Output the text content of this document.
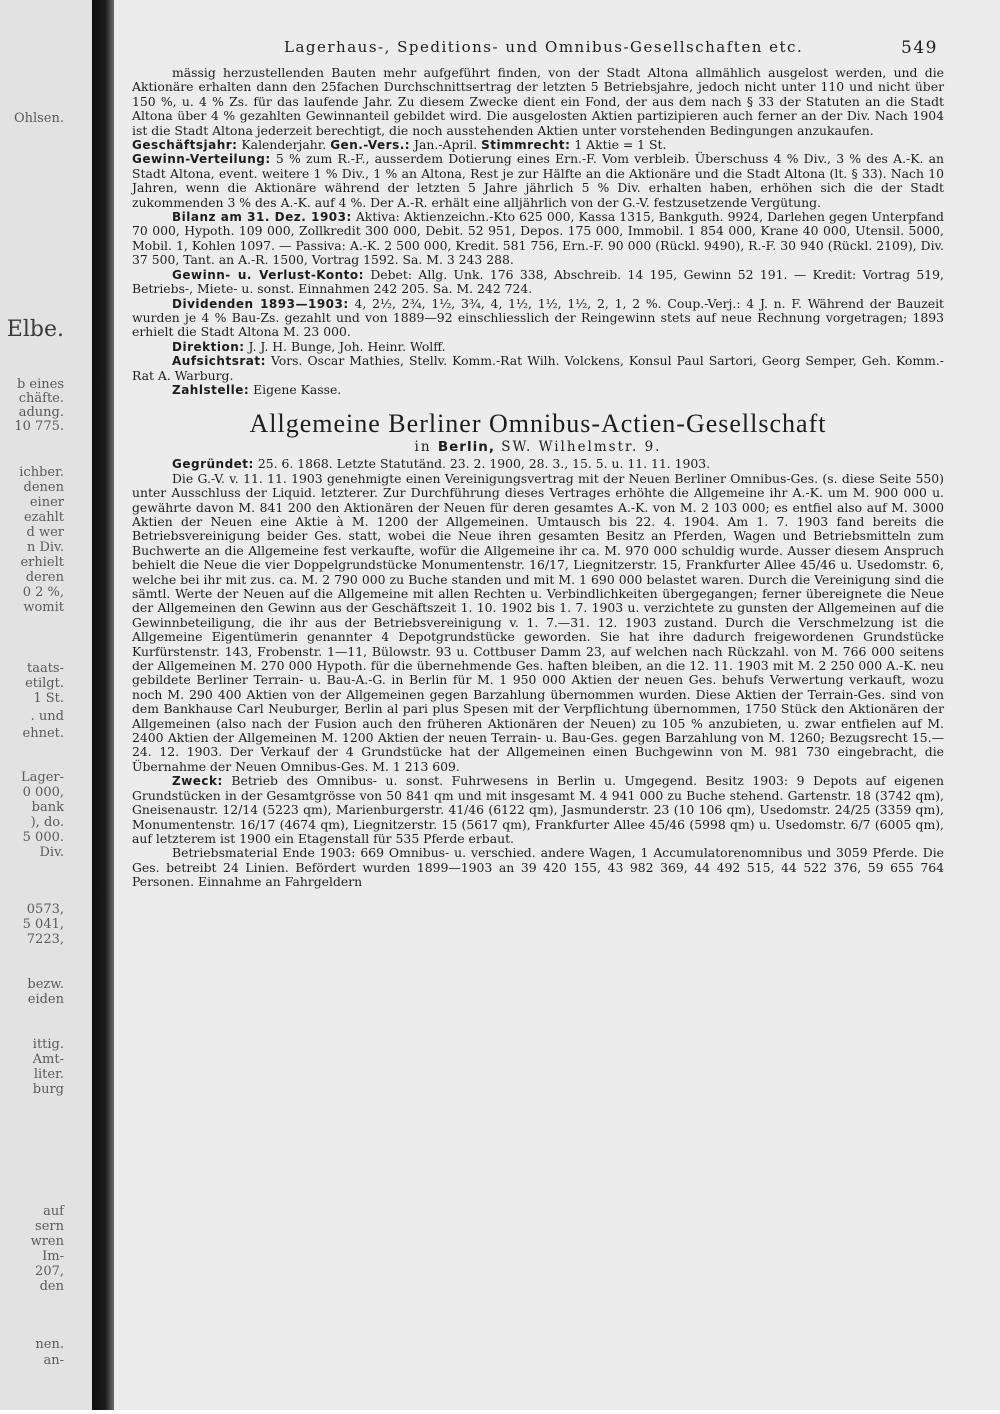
Ohlsen.
Elbe.
b eines
chäfte.
adung.
10 775.
ichber.
denen
einer
ezahlt
d wer
n Div.
erhielt
deren
0 2 %,
womit
taats-
etilgt.
1 St.
. und
ehnet.
Lager-
0 000,
bank
), do.
5 000.
Div.
0573,
5 041,
7223,
bezw.
eiden
ittig.
Amt-
liter.
burg
auf
sern
wren
Im-
207,
den
nen.
an-
Lagerhaus-, Speditions- und Omnibus-Gesellschaften etc.	549

mässig herzustellenden Bauten mehr aufgeführt finden, von der Stadt Altona allmählich ausgelost werden, und die Aktionäre erhalten dann den 25fachen Durchschnittsertrag der letzten 5 Betriebsjahre, jedoch nicht unter 110 und nicht über 150 %, u. 4 % Zs. für das laufende Jahr. Zu diesem Zwecke dient ein Fond, der aus dem nach § 33 der Statuten an die Stadt Altona über 4 % gezahlten Gewinnanteil gebildet wird. Die ausgelosten Aktien partizipieren auch ferner an der Div. Nach 1904 ist die Stadt Altona jederzeit berechtigt, die noch ausstehenden Aktien unter vorstehenden Bedingungen anzukaufen.

Geschäftsjahr: Kalenderjahr. Gen.-Vers.: Jan.-April. Stimmrecht: 1 Aktie = 1 St.

Gewinn-Verteilung: 5 % zum R.-F., ausserdem Dotierung eines Ern.-F. Vom verbleib. Überschuss 4 % Div., 3 % des A.-K. an Stadt Altona, event. weitere 1 % Div., 1 % an Altona, Rest je zur Hälfte an die Aktionäre und die Stadt Altona (lt. § 33). Nach 10 Jahren, wenn die Aktionäre während der letzten 5 Jahre jährlich 5 % Div. erhalten haben, erhöhen sich die der Stadt zukommenden 3 % des A.-K. auf 4 %. Der A.-R. erhält eine alljährlich von der G.-V. festzusetzende Vergütung.

Bilanz am 31. Dez. 1903: Aktiva: Aktienzeichn.-Kto 625 000, Kassa 1315, Bankguth. 9924, Darlehen gegen Unterpfand 70 000, Hypoth. 109 000, Zollkredit 300 000, Debit. 52 951, Depos. 175 000, Immobil. 1 854 000, Krane 40 000, Utensil. 5000, Mobil. 1, Kohlen 1097. — Passiva: A.-K. 2 500 000, Kredit. 581 756, Ern.-F. 90 000 (Rückl. 9490), R.-F. 30 940 (Rückl. 2109), Div. 37 500, Tant. an A.-R. 1500, Vortrag 1592. Sa. M. 3 243 288.

Gewinn- u. Verlust-Konto: Debet: Allg. Unk. 176 338, Abschreib. 14 195, Gewinn 52 191. — Kredit: Vortrag 519, Betriebs-, Miete- u. sonst. Einnahmen 242 205. Sa. M. 242 724.

Dividenden 1893—1903: 4, 2½, 2¾, 1½, 3¾, 4, 1½, 1½, 1½, 2, 1, 2 %. Coup.-Verj.: 4 J. n. F. Während der Bauzeit wurden je 4 % Bau-Zs. gezahlt und von 1889—92 einschliesslich der Reingewinn stets auf neue Rechnung vorgetragen; 1893 erhielt die Stadt Altona M. 23 000.

Direktion: J. J. H. Bunge, Joh. Heinr. Wolff.

Aufsichtsrat: Vors. Oscar Mathies, Stellv. Komm.-Rat Wilh. Volckens, Konsul Paul Sartori, Georg Semper, Geh. Komm.-Rat A. Warburg.

Zahlstelle: Eigene Kasse.

Allgemeine Berliner Omnibus-Actien-Gesellschaft
in Berlin, SW. Wilhelmstr. 9.

Gegründet: 25. 6. 1868. Letzte Statutänd. 23. 2. 1900, 28. 3., 15. 5. u. 11. 11. 1903.

Die G.-V. v. 11. 11. 1903 genehmigte einen Vereinigungsvertrag mit der Neuen Berliner Omnibus-Ges. (s. diese Seite 550) unter Ausschluss der Liquid. letzterer. Zur Durchführung dieses Vertrages erhöhte die Allgemeine ihr A.-K. um M. 900 000 u. gewährte davon M. 841 200 den Aktionären der Neuen für deren gesamtes A.-K. von M. 2 103 000; es entfiel also auf M. 3000 Aktien der Neuen eine Aktie à M. 1200 der Allgemeinen. Umtausch bis 22. 4. 1904. Am 1. 7. 1903 fand bereits die Betriebsvereinigung beider Ges. statt, wobei die Neue ihren gesamten Besitz an Pferden, Wagen und Betriebsmitteln zum Buchwerte an die Allgemeine fest verkaufte, wofür die Allgemeine ihr ca. M. 970 000 schuldig wurde. Ausser diesem Anspruch behielt die Neue die vier Doppelgrundstücke Monumentenstr. 16/17, Liegnitzerstr. 15, Frankfurter Allee 45/46 u. Usedomstr. 6, welche bei ihr mit zus. ca. M. 2 790 000 zu Buche standen und mit M. 1 690 000 belastet waren. Durch die Vereinigung sind die sämtl. Werte der Neuen auf die Allgemeine mit allen Rechten u. Verbindlichkeiten übergegangen; ferner übereignete die Neue der Allgemeinen den Gewinn aus der Geschäftszeit 1. 10. 1902 bis 1. 7. 1903 u. verzichtete zu gunsten der Allgemeinen auf die Gewinnbeteiligung, die ihr aus der Betriebsvereinigung v. 1. 7.—31. 12. 1903 zustand. Durch die Verschmelzung ist die Allgemeine Eigentümerin genannter 4 Depotgrundstücke geworden. Sie hat ihre dadurch freigewordenen Grundstücke Kurfürstenstr. 143, Frobenstr. 1—11, Bülowstr. 93 u. Cottbuser Damm 23, auf welchen nach Rückzahl. von M. 766 000 seitens der Allgemeinen M. 270 000 Hypoth. für die übernehmende Ges. haften bleiben, an die 12. 11. 1903 mit M. 2 250 000 A.-K. neu gebildete Berliner Terrain- u. Bau-A.-G. in Berlin für M. 1 950 000 Aktien der neuen Ges. behufs Verwertung verkauft, wozu noch M. 290 400 Aktien von der Allgemeinen gegen Barzahlung übernommen wurden. Diese Aktien der Terrain-Ges. sind von dem Bankhause Carl Neuburger, Berlin al pari plus Spesen mit der Verpflichtung übernommen, 1750 Stück den Aktionären der Allgemeinen (also nach der Fusion auch den früheren Aktionären der Neuen) zu 105 % anzubieten, u. zwar entfielen auf M. 2400 Aktien der Allgemeinen M. 1200 Aktien der neuen Terrain- u. Bau-Ges. gegen Barzahlung von M. 1260; Bezugsrecht 15.—24. 12. 1903. Der Verkauf der 4 Grundstücke hat der Allgemeinen einen Buchgewinn von M. 981 730 eingebracht, die Übernahme der Neuen Omnibus-Ges. M. 1 213 609.

Zweck: Betrieb des Omnibus- u. sonst. Fuhrwesens in Berlin u. Umgegend. Besitz 1903: 9 Depots auf eigenen Grundstücken in der Gesamtgrösse von 50 841 qm und mit insgesamt M. 4 941 000 zu Buche stehend. Gartenstr. 18 (3742 qm), Gneisenaustr. 12/14 (5223 qm), Marienburgerstr. 41/46 (6122 qm), Jasmunderstr. 23 (10 106 qm), Usedomstr. 24/25 (3359 qm), Monumentenstr. 16/17 (4674 qm), Liegnitzerstr. 15 (5617 qm), Frankfurter Allee 45/46 (5998 qm) u. Usedomstr. 6/7 (6005 qm), auf letzterem ist 1900 ein Etagenstall für 535 Pferde erbaut.

Betriebsmaterial Ende 1903: 669 Omnibus- u. verschied. andere Wagen, 1 Accumulatorenomnibus und 3059 Pferde. Die Ges. betreibt 24 Linien. Befördert wurden 1899—1903 an 39 420 155, 43 982 369, 44 492 515, 44 522 376, 59 655 764 Personen. Einnahme an Fahrgeldern
